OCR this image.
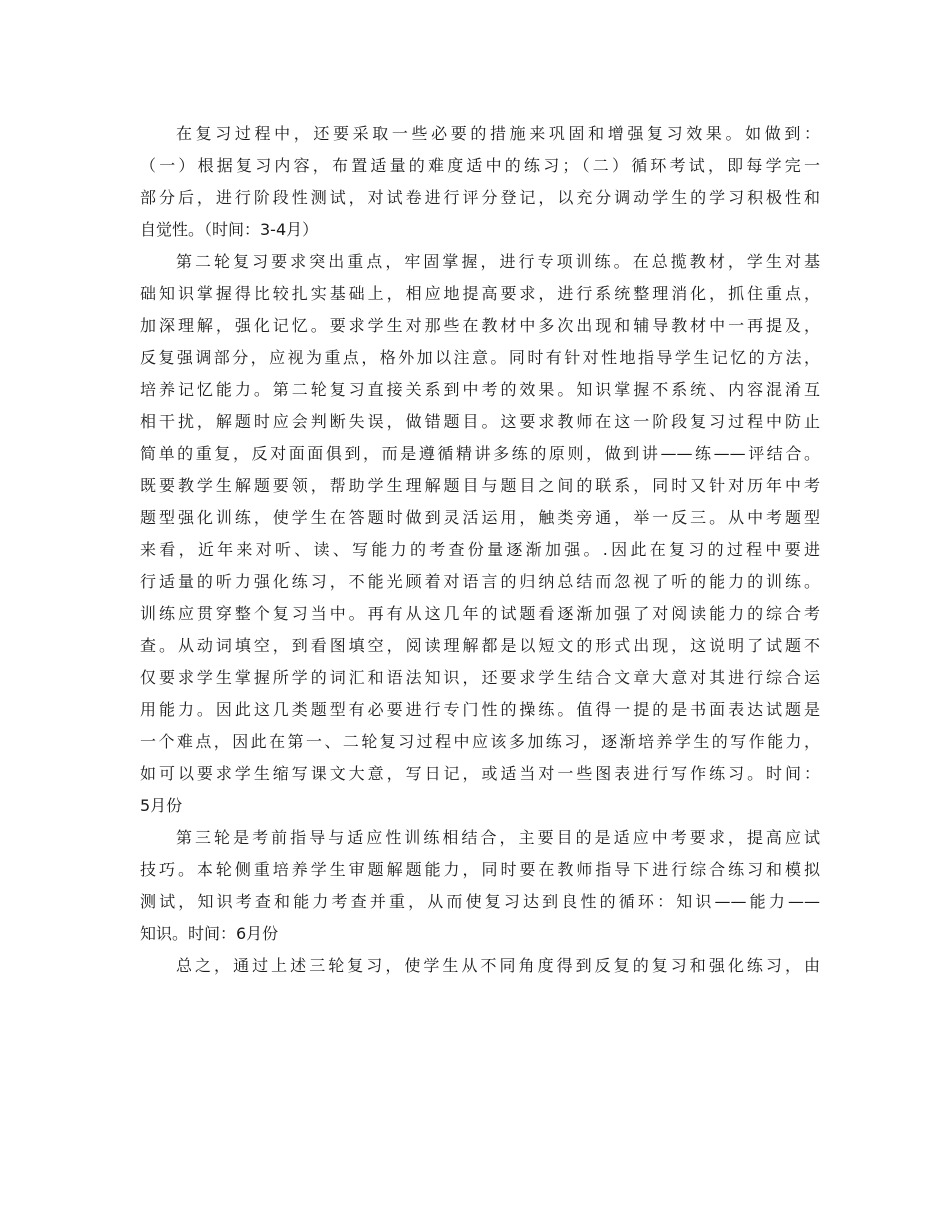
在复习过程中，还要采取一些必要的措施来巩固和增强复习效果。如做到：
（一）根据复习内容，布置适量的难度适中的练习；（二）循环考试，即每学完一
部分后，进行阶段性测试，对试卷进行评分登记，以充分调动学生的学习积极性和
自觉性。（时间：3-4月）
第二轮复习要求突出重点，牢固掌握，进行专项训练。在总揽教材，学生对基
础知识掌握得比较扎实基础上，相应地提高要求，进行系统整理消化，抓住重点，
加深理解，强化记忆。要求学生对那些在教材中多次出现和辅导教材中一再提及，
反复强调部分，应视为重点，格外加以注意。同时有针对性地指导学生记忆的方法，
培养记忆能力。第二轮复习直接关系到中考的效果。知识掌握不系统、内容混淆互
相干扰，解题时应会判断失误，做错题目。这要求教师在这一阶段复习过程中防止
简单的重复，反对面面俱到，而是遵循精讲多练的原则，做到讲——练——评结合。
既要教学生解题要领，帮助学生理解题目与题目之间的联系，同时又针对历年中考
题型强化训练，使学生在答题时做到灵活运用，触类旁通，举一反三。从中考题型
来看，近年来对听、读、写能力的考查份量逐渐加强。.因此在复习的过程中要进
行适量的听力强化练习，不能光顾着对语言的归纳总结而忽视了听的能力的训练。
训练应贯穿整个复习当中。再有从这几年的试题看逐渐加强了对阅读能力的综合考
查。从动词填空，到看图填空，阅读理解都是以短文的形式出现，这说明了试题不
仅要求学生掌握所学的词汇和语法知识，还要求学生结合文章大意对其进行综合运
用能力。因此这几类题型有必要进行专门性的操练。值得一提的是书面表达试题是
一个难点，因此在第一、二轮复习过程中应该多加练习，逐渐培养学生的写作能力，
如可以要求学生缩写课文大意，写日记，或适当对一些图表进行写作练习。时间：
5月份
第三轮是考前指导与适应性训练相结合，主要目的是适应中考要求，提高应试
技巧。本轮侧重培养学生审题解题能力，同时要在教师指导下进行综合练习和模拟
测试，知识考查和能力考查并重，从而使复习达到良性的循环：知识——能力——
知识。时间：6月份
总之，通过上述三轮复习，使学生从不同角度得到反复的复习和强化练习，由
